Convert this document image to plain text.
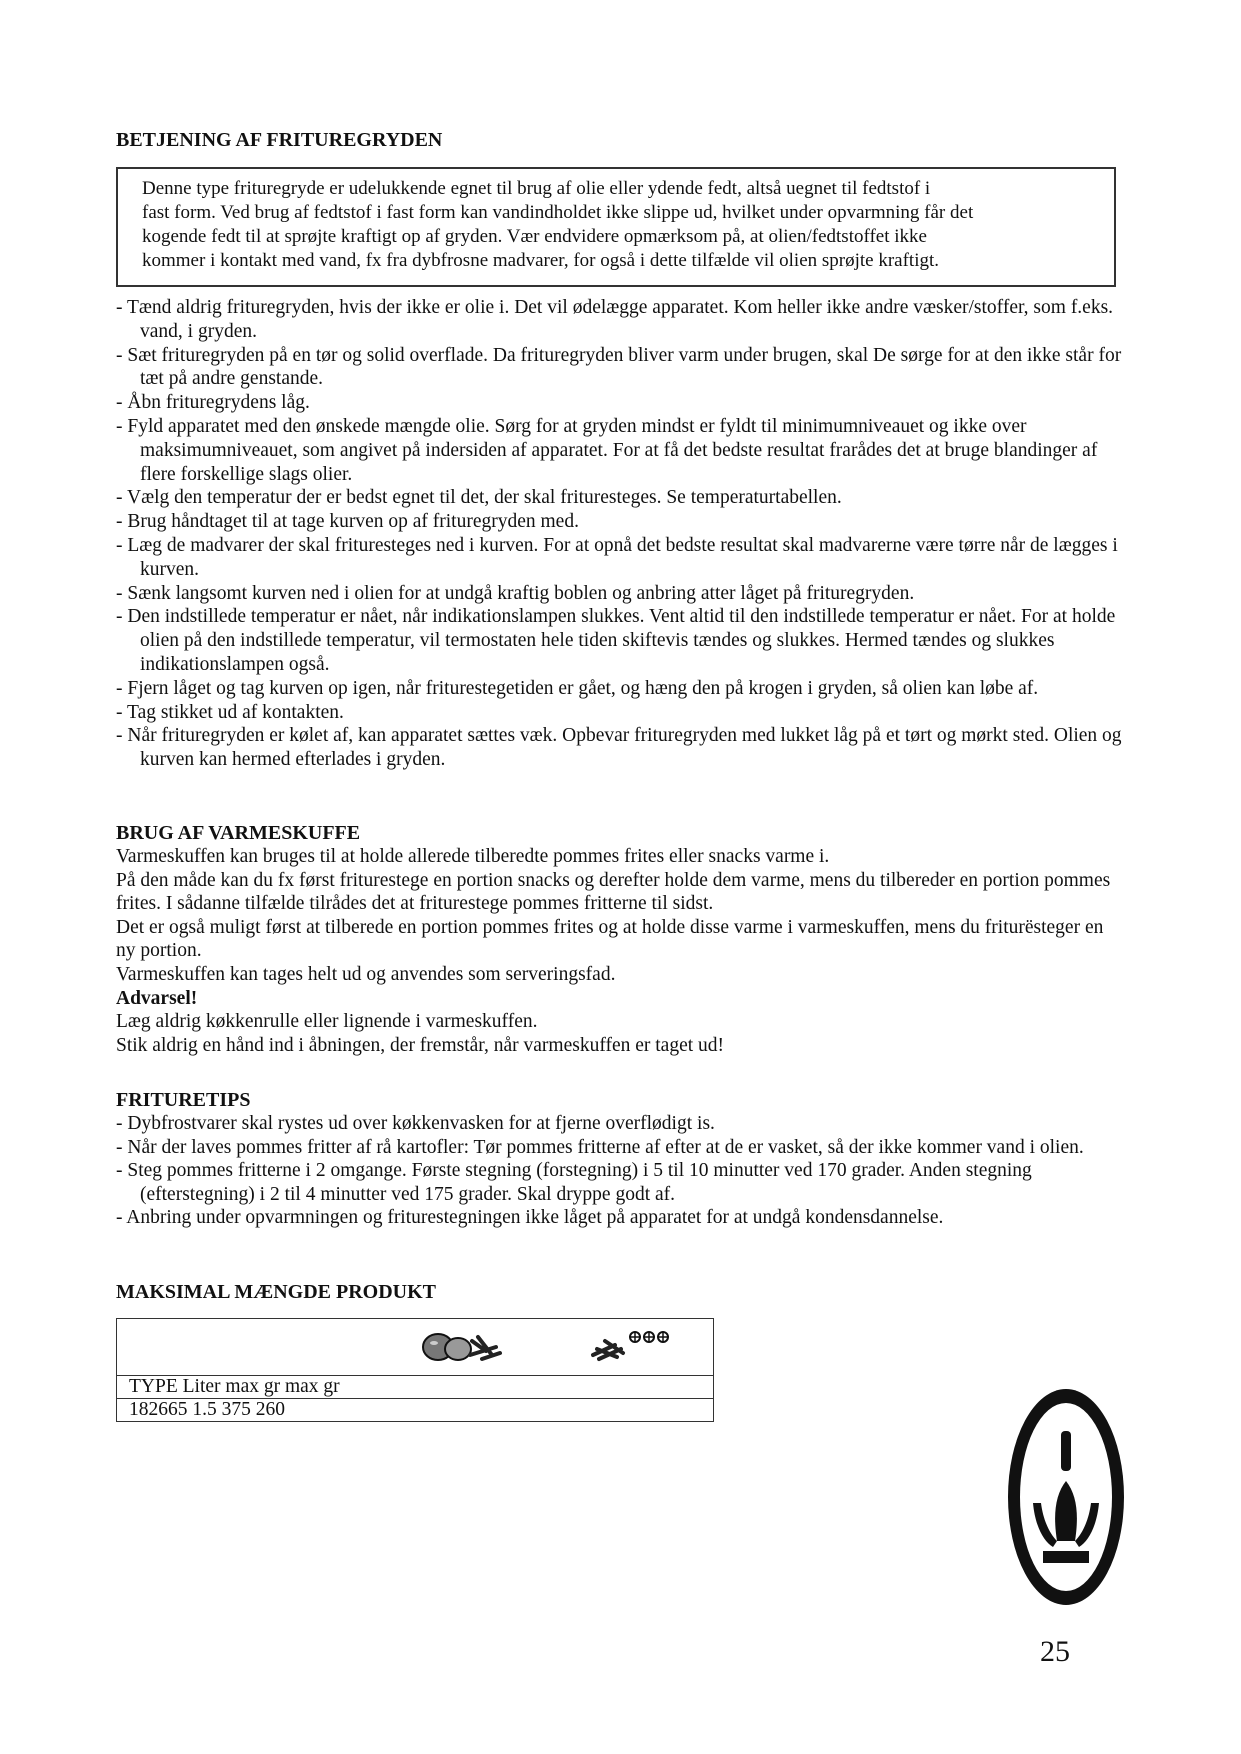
BETJENING AF FRITUREGRYDEN

Denne type frituregryde er udelukkende egnet til brug af olie eller ydende fedt, altså uegnet til fedtstof i

fast form. Ved brug af fedtstof i fast form kan vandindholdet ikke slippe ud, hvilket under opvarmning får det

kogende fedt til at sprøjte kraftigt op af gryden. Vær endvidere opmærksom på, at olien/fedtstoffet ikke

kommer i kontakt med vand, fx fra dybfrosne madvarer, for også i dette tilfælde vil olien sprøjte kraftigt.

- Tænd aldrig frituregryden, hvis der ikke er olie i. Det vil ødelægge apparatet. Kom heller ikke andre væsker/stoffer, som f.eks. vand, i gryden.
- Sæt frituregryden på en tør og solid overflade. Da frituregryden bliver varm under brugen, skal De sørge for at den ikke står for tæt på andre genstande.
- Åbn frituregrydens låg.
- Fyld apparatet med den ønskede mængde olie. Sørg for at gryden mindst er fyldt til minimumniveauet og ikke over maksimumniveauet, som angivet på indersiden af apparatet. For at få det bedste resultat frarådes det at bruge blandinger af flere forskellige slags olier.
- Vælg den temperatur der er bedst egnet til det, der skal frituresteges. Se temperaturtabellen.
- Brug håndtaget til at tage kurven op af frituregryden med.
- Læg de madvarer der skal frituresteges ned i kurven. For at opnå det bedste resultat skal madvarerne være tørre når de lægges i kurven.
- Sænk langsomt kurven ned i olien for at undgå kraftig boblen og anbring atter låget på frituregryden.
- Den indstillede temperatur er nået, når indikationslampen slukkes. Vent altid til den indstillede temperatur er nået. For at holde olien på den indstillede temperatur, vil termostaten hele tiden skiftevis tændes og slukkes. Hermed tændes og slukkes indikationslampen også.
- Fjern låget og tag kurven op igen, når friturestegetiden er gået, og hæng den på krogen i gryden, så olien kan løbe af.
- Tag stikket ud af kontakten.
- Når frituregryden er kølet af, kan apparatet sættes væk. Opbevar frituregryden med lukket låg på et tørt og mørkt sted. Olien og kurven kan hermed efterlades i gryden.
BRUG AF VARMESKUFFE

Varmeskuffen kan bruges til at holde allerede tilberedte pommes frites eller snacks varme i.

På den måde kan du fx først friturestege en portion snacks og derefter holde dem varme, mens du tilbereder en portion pommes frites. I sådanne tilfælde tilrådes det at friturestege pommes fritterne til sidst.

Det er også muligt først at tilberede en portion pommes frites og at holde disse varme i varmeskuffen, mens du friturësteger en ny portion.

Varmeskuffen kan tages helt ud og anvendes som serveringsfad.

Advarsel!

Læg aldrig køkkenrulle eller lignende i varmeskuffen.

Stik aldrig en hånd ind i åbningen, der fremstår, når varmeskuffen er taget ud!

FRITURETIPS
- Dybfrostvarer skal rystes ud over køkkenvasken for at fjerne overflødigt is.
- Når der laves pommes fritter af rå kartofler: Tør pommes fritterne af efter at de er vasket, så der ikke kommer vand i olien.
- Steg pommes fritterne i 2 omgange. Første stegning (forstegning) i 5 til 10 minutter ved 170 grader. Anden stegning (efterstegning) i 2 til 4 minutter ved 175 grader. Skal dryppe godt af.
- Anbring under opvarmningen og friturestegningen ikke låget på apparatet for at undgå kondensdannelse.
MAKSIMAL MÆNGDE PRODUKT

TYPE Liter max gr max gr
182665 1.5 375 260
25
